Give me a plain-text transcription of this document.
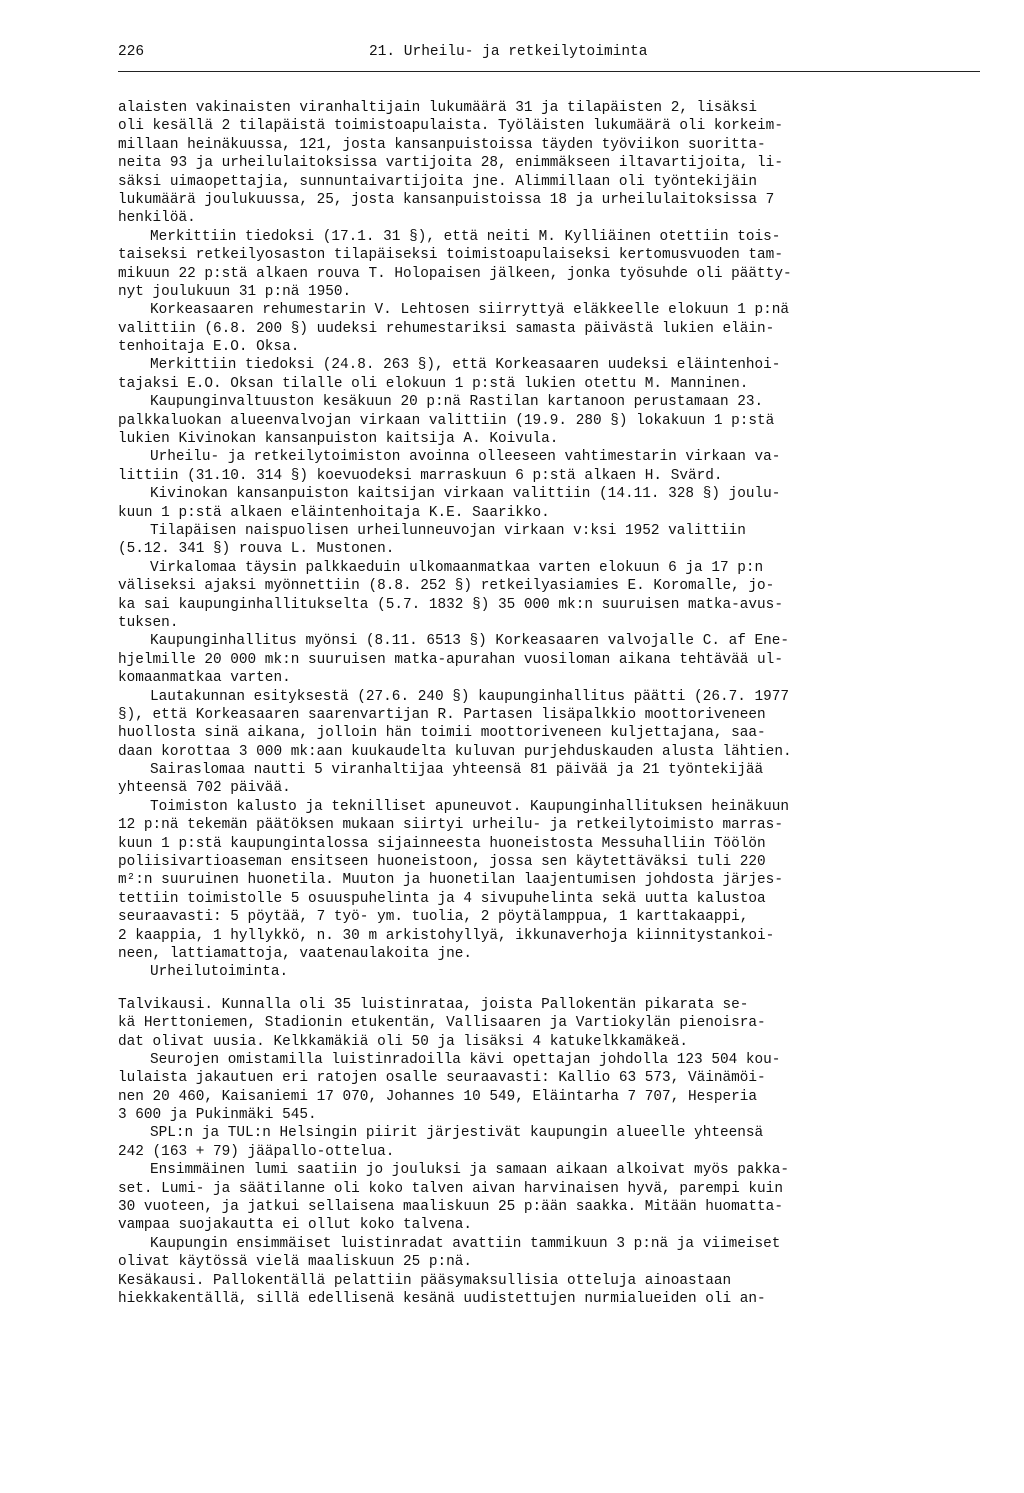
226	21. Urheilu- ja retkeilytoiminta
alaisten vakinaisten viranhaltijain lukumäärä 31 ja tilapäisten 2, lisäksi
oli kesällä 2 tilapäistä toimistoapulaista. Työläisten lukumäärä oli korkeim-
millaan heinäkuussa, 121, josta kansanpuistoissa täyden työviikon suoritta-
neita 93 ja urheilulaitoksissa vartijoita 28, enimmäkseen iltavartijoita, li-
säksi uimaopettajia, sunnuntaivartijoita jne. Alimmillaan oli työntekijäin
lukumäärä joulukuussa, 25, josta kansanpuistoissa 18 ja urheilulaitoksissa 7
henkilöä.
Merkittiin tiedoksi (17.1. 31 §), että neiti M. Kylliäinen otettiin tois-
taiseksi retkeilyosaston tilapäiseksi toimistoapulaiseksi kertomusvuoden tam-
mikuun 22 p:stä alkaen rouva T. Holopaisen jälkeen, jonka työsuhde oli päätty-
nyt joulukuun 31 p:nä 1950.
Korkeasaaren rehumestarin V. Lehtosen siirryttyä eläkkeelle elokuun 1 p:nä
valittiin (6.8. 200 §) uudeksi rehumestariksi samasta päivästä lukien eläin-
tenhoitaja E.O. Oksa.
Merkittiin tiedoksi (24.8. 263 §), että Korkeasaaren uudeksi eläintenhoi-
tajaksi E.O. Oksan tilalle oli elokuun 1 p:stä lukien otettu M. Manninen.
Kaupunginvaltuuston kesäkuun 20 p:nä Rastilan kartanoon perustamaan 23.
palkkaluokan alueenvalvojan virkaan valittiin (19.9. 280 §) lokakuun 1 p:stä
lukien Kivinokan kansanpuiston kaitsija A. Koivula.
Urheilu- ja retkeilytoimiston avoinna olleeseen vahtimestarin virkaan va-
littiin (31.10. 314 §) koevuodeksi marraskuun 6 p:stä alkaen H. Svärd.
Kivinokan kansanpuiston kaitsijan virkaan valittiin (14.11. 328 §) joulu-
kuun 1 p:stä alkaen eläintenhoitaja K.E. Saarikko.
Tilapäisen naispuolisen urheilunneuvojan virkaan v:ksi 1952 valittiin
(5.12. 341 §) rouva L. Mustonen.
Virkalomaa täysin palkkaeduin ulkomaanmatkaa varten elokuun 6 ja 17 p:n
väliseksi ajaksi myönnettiin (8.8. 252 §) retkeilyasiamies E. Koromalle, jo-
ka sai kaupunginhallitukselta (5.7. 1832 §) 35 000 mk:n suuruisen matka-avus-
tuksen.
Kaupunginhallitus myönsi (8.11. 6513 §) Korkeasaaren valvojalle C. af Ene-
hjelmille 20 000 mk:n suuruisen matka-apurahan vuosiloman aikana tehtävää ul-
komaanmatkaa varten.
Lautakunnan esityksestä (27.6. 240 §) kaupunginhallitus päätti (26.7. 1977
§), että Korkeasaaren saarenvartijan R. Partasen lisäpalkkio moottoriveneen
huollosta sinä aikana, jolloin hän toimii moottoriveneen kuljettajana, saa-
daan korottaa 3 000 mk:aan kuukaudelta kuluvan purjehduskauden alusta lähtien.
Sairaslomaa nautti 5 viranhaltijaa yhteensä 81 päivää ja 21 työntekijää
yhteensä 702 päivää.
Toimiston kalusto ja teknilliset apuneuvot. Kaupunginhallituksen heinäkuun
12 p:nä tekemän päätöksen mukaan siirtyi urheilu- ja retkeilytoimisto marras-
kuun 1 p:stä kaupungintalossa sijainneesta huoneistosta Messuhalliin Töölön
poliisivartioaseman ensitseen huoneistoon, jossa sen käytettäväksi tuli 220
m²:n suuruinen huonetila. Muuton ja huonetilan laajentumisen johdosta järjes-
tettiin toimistolle 5 osuuspuhelinta ja 4 sivupuhelinta sekä uutta kalustoa
seuraavasti: 5 pöytää, 7 työ- ym. tuolia, 2 pöytälamppua, 1 karttakaappi,
2 kaappia, 1 hyllykkö, n. 30 m arkistohyllyä, ikkunaverhoja kiinnitystankoi-
neen, lattiamattoja, vaatenaulakoita jne.
Urheilutoiminta.
Talvikausi. Kunnalla oli 35 luistinrataa, joista Pallokentän pikarata se-
kä Herttoniemen, Stadionin etukentän, Vallisaaren ja Vartiokylän pienoisra-
dat olivat uusia. Kelkkamäkiä oli 50 ja lisäksi 4 katukelkkamäkeä.
Seurojen omistamilla luistinradoilla kävi opettajan johdolla 123 504 kou-
lulaista jakautuen eri ratojen osalle seuraavasti: Kallio 63 573, Väinämöi-
nen 20 460, Kaisaniemi 17 070, Johannes 10 549, Eläintarha 7 707, Hesperia
3 600 ja Pukinmäki 545.
SPL:n ja TUL:n Helsingin piirit järjestivät kaupungin alueelle yhteensä
242 (163 + 79) jääpallo-ottelua.
Ensimmäinen lumi saatiin jo jouluksi ja samaan aikaan alkoivat myös pakka-
set. Lumi- ja säätilanne oli koko talven aivan harvinaisen hyvä, parempi kuin
30 vuoteen, ja jatkui sellaisena maaliskuun 25 p:ään saakka. Mitään huomatta-
vampaa suojakautta ei ollut koko talvena.
Kaupungin ensimmäiset luistinradat avattiin tammikuun 3 p:nä ja viimeiset
olivat käytössä vielä maaliskuun 25 p:nä.
Kesäkausi. Pallokentällä pelattiin pääsymaksullisia otteluja ainoastaan
hiekkakentällä, sillä edellisenä kesänä uudistettujen nurmialueiden oli an-
